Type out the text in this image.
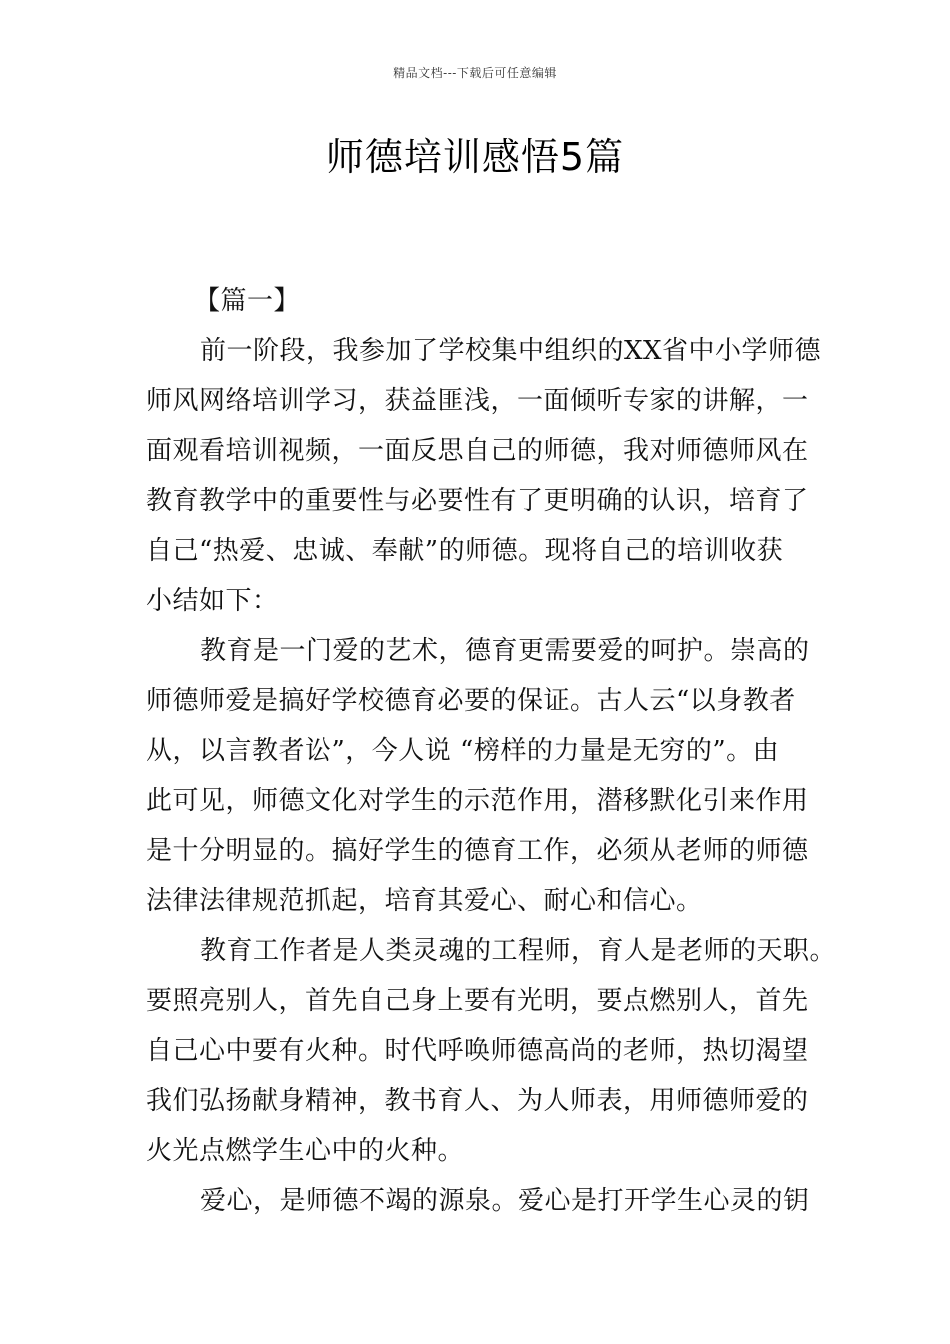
精品文档---下载后可任意编辑
师德培训感悟5篇
【篇一】
前一阶段，我参加了学校集中组织的XX省中小学师德
师风网络培训学习，获益匪浅，一面倾听专家的讲解，一
面观看培训视频，一面反思自己的师德，我对师德师风在
教育教学中的重要性与必要性有了更明确的认识，培育了
自己“热爱、忠诚、奉献”的师德。现将自己的培训收获
小结如下：
教育是一门爱的艺术，德育更需要爱的呵护。崇高的
师德师爱是搞好学校德育必要的保证。古人云“以身教者
从，以言教者讼”，今人说 “榜样的力量是无穷的”。由
此可见，师德文化对学生的示范作用，潜移默化引来作用
是十分明显的。搞好学生的德育工作，必须从老师的师德
法律法律规范抓起，培育其爱心、耐心和信心。
教育工作者是人类灵魂的工程师，育人是老师的天职。
要照亮别人，首先自己身上要有光明，要点燃别人，首先
自己心中要有火种。时代呼唤师德高尚的老师，热切渴望
我们弘扬献身精神，教书育人、为人师表，用师德师爱的
火光点燃学生心中的火种。
爱心，是师德不竭的源泉。爱心是打开学生心灵的钥
